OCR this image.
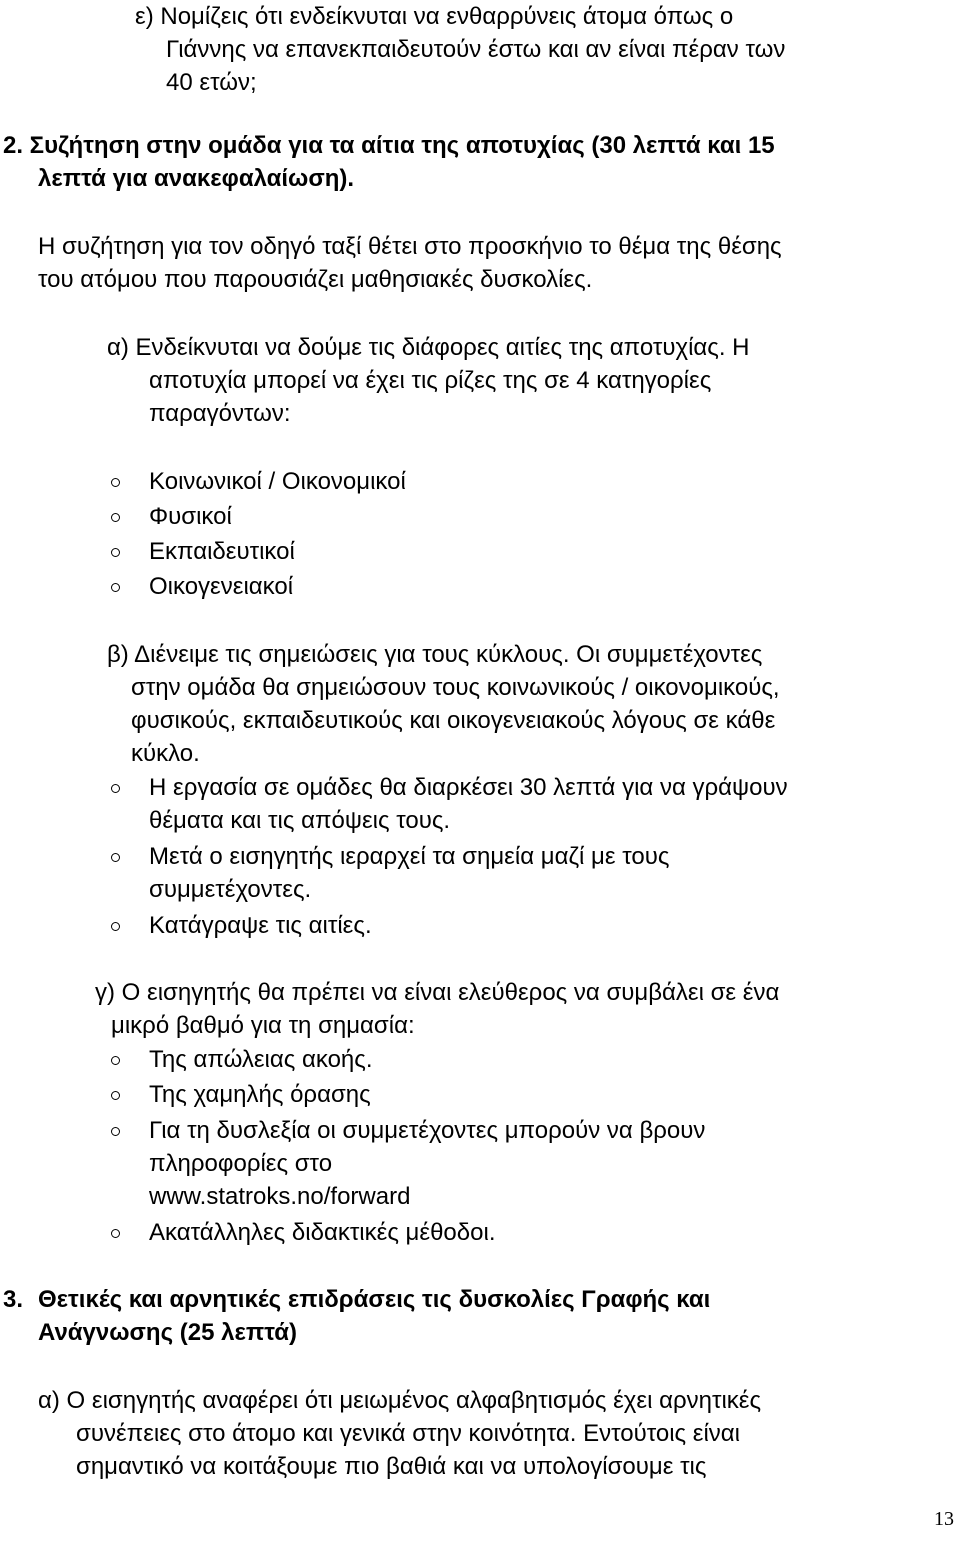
ε) Νομίζεις ότι ενδείκνυται να ενθαρρύνεις άτομα όπως ο
Γιάννης να επανεκπαιδευτούν έστω και αν είναι πέραν των
40 ετών;
2. Συζήτηση στην ομάδα για τα αίτια της αποτυχίας (30 λεπτά και 15
λεπτά για ανακεφαλαίωση).
Η συζήτηση για τον οδηγό ταξί θέτει στο προσκήνιο το θέμα της θέσης
του ατόμου που παρουσιάζει μαθησιακές δυσκολίες.
α) Ενδείκνυται να δούμε τις διάφορες αιτίες της αποτυχίας. Η
αποτυχία μπορεί να έχει τις ρίζες της σε 4 κατηγορίες
παραγόντων:
Κοινωνικοί / Οικονομικοί
Φυσικοί
Εκπαιδευτικοί
Οικογενειακοί
β) Διένειμε τις σημειώσεις για τους κύκλους. Οι συμμετέχοντες
στην ομάδα θα σημειώσουν τους κοινωνικούς / οικονομικούς,
φυσικούς, εκπαιδευτικούς και οικογενειακούς λόγους σε κάθε
κύκλο.
Η εργασία σε ομάδες θα διαρκέσει 30 λεπτά για να γράψουν
θέματα και τις απόψεις τους.
Μετά ο εισηγητής ιεραρχεί τα σημεία μαζί με τους
συμμετέχοντες.
Κατάγραψε τις αιτίες.
γ) Ο εισηγητής θα πρέπει να είναι ελεύθερος να συμβάλει σε ένα
μικρό βαθμό για τη σημασία:
Της απώλειας ακοής.
Της χαμηλής όρασης
Για τη δυσλεξία οι συμμετέχοντες μπορούν να βρουν
πληροφορίες στο
www.statroks.no/forward
Ακατάλληλες διδακτικές μέθοδοι.
3. Θετικές και αρνητικές επιδράσεις τις δυσκολίες Γραφής και
Ανάγνωσης (25 λεπτά)
α) Ο εισηγητής αναφέρει ότι μειωμένος αλφαβητισμός έχει αρνητικές
συνέπειες στο άτομο και γενικά στην κοινότητα. Εντούτοις είναι
σημαντικό να κοιτάξουμε πιο βαθιά και να υπολογίσουμε τις
13
